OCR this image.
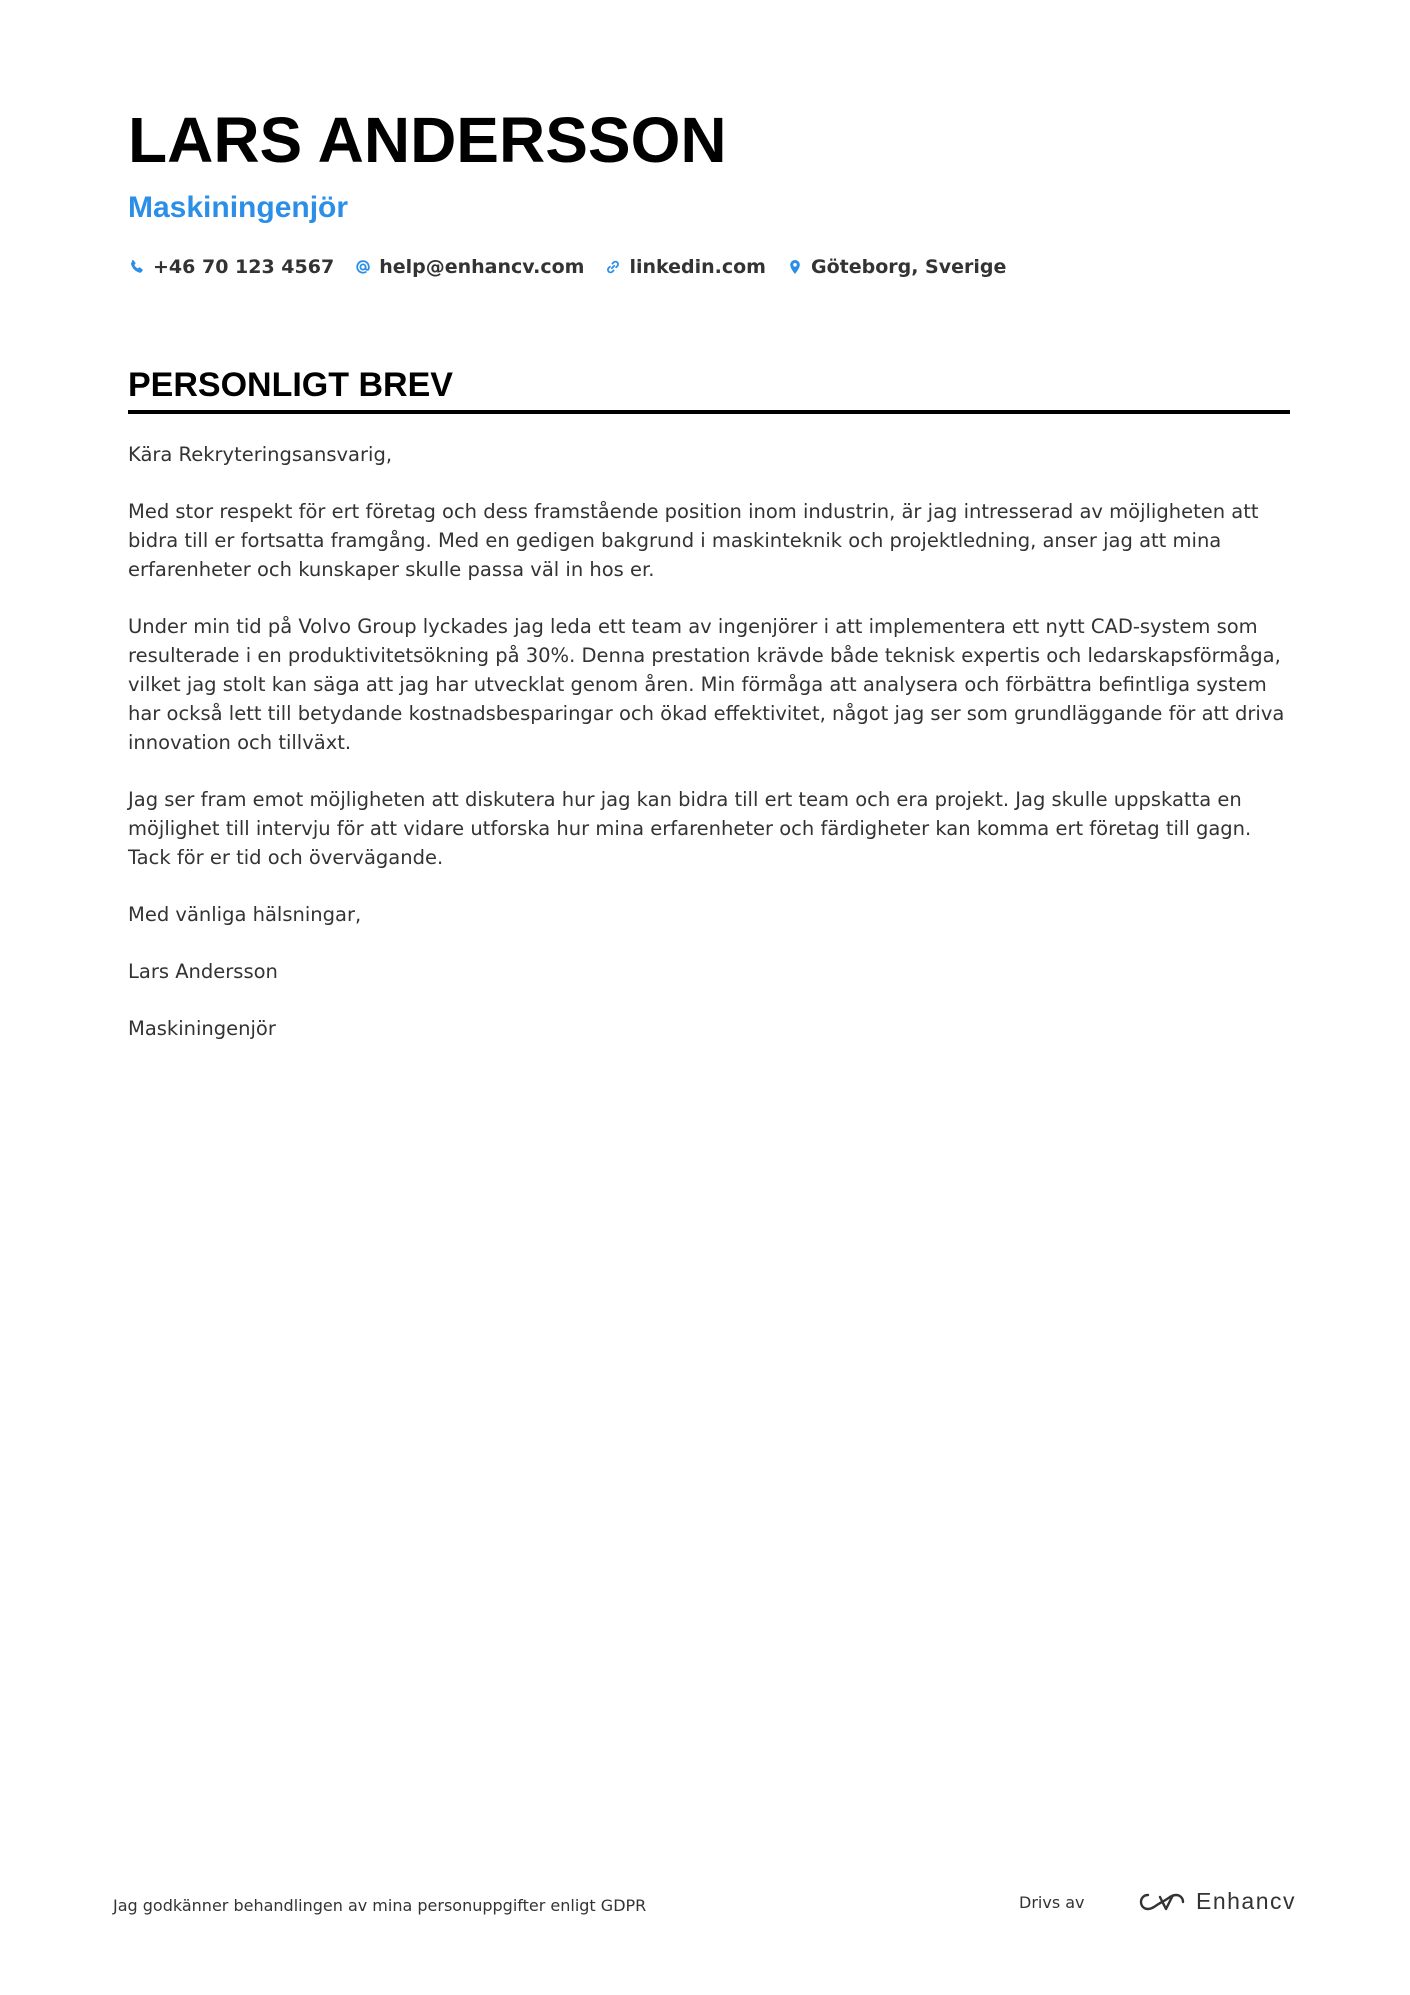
LARS ANDERSSON
Maskiningenjör
+46 70 123 4567 help@enhancv.com linkedin.com Göteborg, Sverige
PERSONLIGT BREV

Kära Rekryteringsansvarig,

Med stor respekt för ert företag och dess framstående position inom industrin, är jag intresserad av möjligheten att bidra till er fortsatta framgång. Med en gedigen bakgrund i maskinteknik och projektledning, anser jag att mina erfarenheter och kunskaper skulle passa väl in hos er.

Under min tid på Volvo Group lyckades jag leda ett team av ingenjörer i att implementera ett nytt CAD-system som resulterade i en produktivitetsökning på 30%. Denna prestation krävde både teknisk expertis och ledarskapsförmåga, vilket jag stolt kan säga att jag har utvecklat genom åren. Min förmåga att analysera och förbättra befintliga system har också lett till betydande kostnadsbesparingar och ökad effektivitet, något jag ser som grundläggande för att driva innovation och tillväxt.

Jag ser fram emot möjligheten att diskutera hur jag kan bidra till ert team och era projekt. Jag skulle uppskatta en möjlighet till intervju för att vidare utforska hur mina erfarenheter och färdigheter kan komma ert företag till gagn. Tack för er tid och övervägande.

Med vänliga hälsningar,

Lars Andersson

Maskiningenjör

Jag godkänner behandlingen av mina personuppgifter enligt GDPR	Drivs av	Enhancv
